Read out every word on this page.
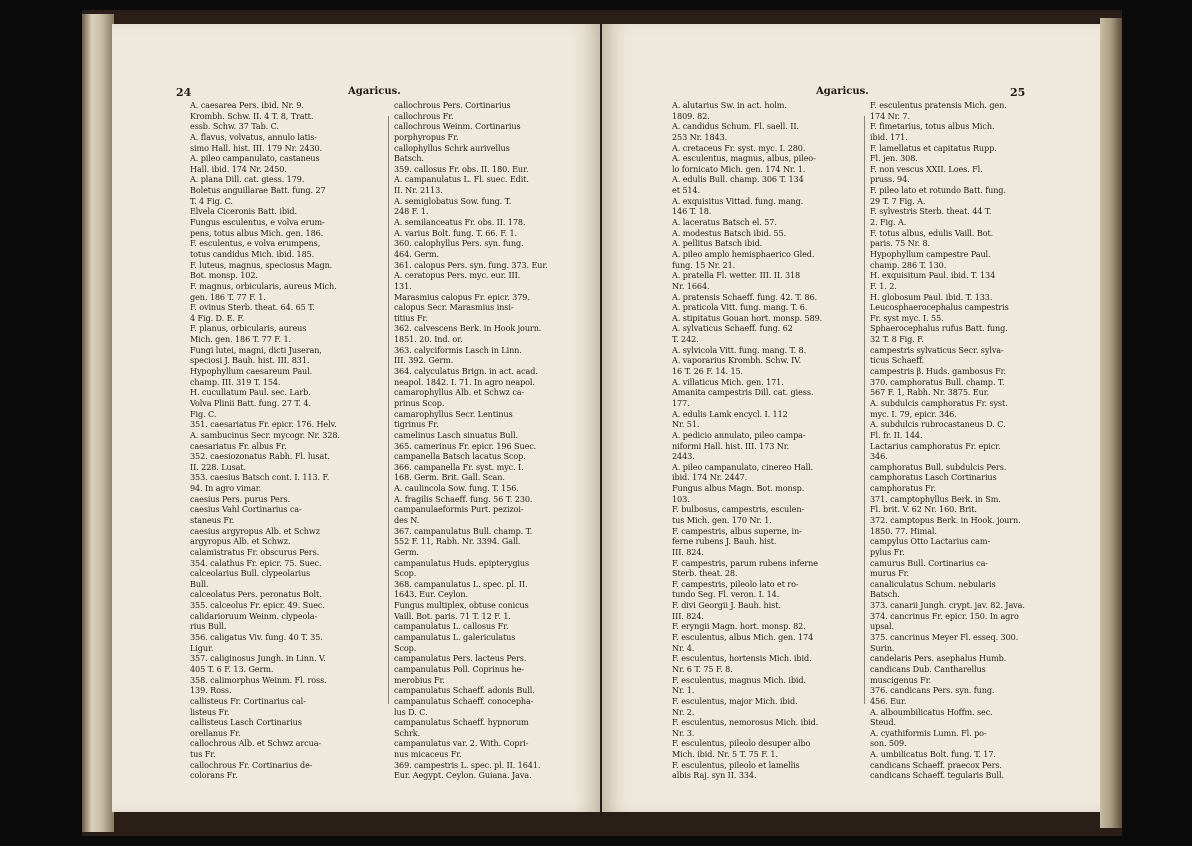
24	Agaricus.
A. caesarea Pers. ibid. Nr. 9.
Krombh. Schw. II. 4 T. 8, Tratt.
essb. Schw. 37 Tab. C.
A. flavus, volvatus, annulo latis-
simo Hall. hist. III. 179 Nr. 2430.
A. pileo campanulato, castaneus
Hall. ibid. 174 Nr. 2450.
A. plana Dill. cat. giess. 179.
Boletus anguillarae Batt. fung. 27
T. 4 Fig. C.
Elvela Ciceronis Batt. ibid.
Fungus esculentus, e volva erum-
pens, totus albus Mich. gen. 186.
F. esculentus, e volva erumpens,
totus candidus Mich. ibid. 185.
F. luteus, magnus, speciosus Magn.
Bot. monsp. 102.
F. magnus, orbicularis, aureus Mich.
gen. 186 T. 77 F. 1.
F. ovinus Sterb. theat. 64. 65 T.
4 Fig. D. E. F.
F. planus, orbicularis, aureus
Mich. gen. 186 T. 77 F. 1.
Fungi lutei, magni, dicti Juseran,
speciosi J. Bauh. hist. III. 831.
Hypophyllum caesareum Paul.
champ. III. 319 T. 154.
H. cucullatum Paul. sec. Larb.
Volva Plinii Batt. fung. 27 T. 4.
Fig. C.
351. caesariatus Fr. epicr. 176. Helv.
A. sambucinus Secr. mycogr. Nr. 328.
caesariatus Fr. albus Fr.
352. caesiozonatus Rabh. Fl. lusat.
II. 228. Lusat.
353. caesius Batsch cont. I. 113. F.
94. In agro vimar.
caesius Pers. purus Pers.
caesius Vahl Cortinarius ca-
staneus Fr.
caesius argyropus Alb. et Schwz
argyropus Alb. et Schwz.
calamistratus Fr. obscurus Pers.
354. calathus Fr. epicr. 75. Suec.
calceolarius Bull. clypeolarius
Bull.
calceolatus Pers. peronatus Bolt.
355. calceolus Fr. epicr. 49. Suec.
calidarioruum Weinm. clypeola-
rius Bull.
356. caligatus Viv. fung. 40 T. 35.
Ligur.
357. caliginosus Jungh. in Linn. V.
405 T. 6 F. 13. Germ.
358. calimorphus Weinm. Fl. ross.
139. Ross.
callisteus Fr. Cortinarius cal-
listeus Fr.
callisteus Lasch Cortinarius
orellanus Fr.
callochrous Alb. et Schwz arcua-
tus Fr.
callochrous Fr. Cortinarius de-
colorans Fr.
callochrous Pers. Cortinarius
callochrous Fr.
callochrous Weinm. Cortinarius
porphyropus Fr.
callophyllus Schrk aurivellus
Batsch.
359. callosus Fr. obs. II. 180. Eur.
A. campanulatus L. Fl. suec. Edit.
II. Nr. 2113.
A. semiglobatus Sow. fung. T.
248 F. 1.
A. semilanceatus Fr. obs. II. 178.
A. varius Bolt. fung. T. 66. F. 1.
360. calophyllus Pers. syn. fung.
464. Germ.
361. calopus Pers. syn. fung. 373. Eur.
A. ceratopus Pers. myc. eur. III.
131.
Marasmius calopus Fr. epicr. 379.
calopus Secr. Marasmius insi-
titius Fr.
362. calvescens Berk. in Hook journ.
1851. 20. Ind. or.
363. calyciformis Lasch in Linn.
III. 392. Germ.
364. calyculatus Brign. in act. acad.
neapol. 1842. I. 71. In agro neapol.
camarophyllus Alb. et Schwz ca-
prinus Scop.
camarophyllus Secr. Lentinus
tigrinus Fr.
camelinus Lasch sinuatus Bull.
365. camerinus Fr. epicr. 196 Suec.
campanella Batsch lacatus Scop.
366. campanella Fr. syst. myc. I.
168. Germ. Brit. Gall. Scan.
A. caulincola Sow. fung. T. 156.
A. fragilis Schaeff. fung. 56 T. 230.
campanulaeformis Purt. pezizoi-
des N.
367. campanulatus Bull. champ. T.
552 F. 11, Rabh. Nr. 3394. Gall.
Germ.
campanulatus Huds. epipterygius
Scop.
368. campanulatus L. spec. pl. II.
1643. Eur. Ceylon.
Fungus multiplex, obtuse conicus
Vaill. Bot. paris. 71 T. 12 F. 1.
campanulatus L. callosus Fr.
campanulatus L. galericulatus
Scop.
campanulatus Pers. lacteus Pers.
campanulatus Poll. Coprinus he-
merobius Fr.
campanulatus Schaeff. adonis Bull.
campanulatus Schaeff. conocepha-
lus D. C.
campanulatus Schaeff. hypnorum
Schrk.
campanulatus var. 2. With. Copri-
nus micaceus Fr.
369. campestris L. spec. pl. II. 1641.
Eur. Aegypt. Ceylon. Guiana. Java.
Agaricus.	25
A. alutarius Sw. in act. holm.
1809. 82.
A. candidus Schum. Fl. saell. II.
253 Nr. 1843.
A. cretaceus Fr. syst. myc. I. 280.
A. esculentus, magnus, albus, pileo-
lo fornicato Mich. gen. 174 Nr. 1.
A. edulis Bull. champ. 306 T. 134
et 514.
A. exquisitus Vittad. fung. mang.
146 T. 18.
A. laceratus Batsch el. 57.
A. modestus Batsch ibid. 55.
A. pellitus Batsch ibid.
A. pileo amplo hemisphaerico Gled.
fung. 15 Nr. 21.
A. pratella Fl. wetter. III. II. 318
Nr. 1664.
A. pratensis Schaeff. fung. 42. T. 86.
A. praticola Vitt. fung. mang. T. 6.
A. stipitatus Gouan hort. monsp. 589.
A. sylvaticus Schaeff. fung. 62
T. 242.
A. sylvicola Vitt. fung. mang. T. 8.
A. vaporarius Krombh. Schw. IV.
16 T. 26 F. 14. 15.
A. villaticus Mich. gen. 171.
Amanita campestris Dill. cat. giess.
177.
A. edulis Lamk encycl. I. 112
Nr. 51.
A. pedicio annulato, pileo campa-
niformi Hall. hist. III. 173 Nr.
2443.
A. pileo campanulato, cinereo Hall.
ibid. 174 Nr. 2447.
Fungus albus Magn. Bot. monsp.
103.
F. bulbosus, campestris, esculen-
tus Mich. gen. 170 Nr. 1.
F. campestris, albus superne, in-
ferne rubens J. Bauh. hist.
III. 824.
F. campestris, parum rubens inferne
Sterb. theat. 28.
F. campestris, pileolo lato et ro-
tundo Seg. Fl. veron. I. 14.
F. divi Georgii J. Bauh. hist.
III. 824.
F. eryngii Magn. hort. monsp. 82.
F. esculentus, albus Mich. gen. 174
Nr. 4.
F. esculentus, hortensis Mich. ibid.
Nr. 6 T. 75 F. 8.
F. esculentus, magnus Mich. ibid.
Nr. 1.
F. esculentus, major Mich. ibid.
Nr. 2.
F. esculentus, nemorosus Mich. ibid.
Nr. 3.
F. esculentus, pileolo desuper albo
Mich. ibid. Nr. 5 T. 75 F. 1.
F. esculentus, pileolo et lamellis
albis Raj. syn II. 334.
F. esculentus pratensis Mich. gen.
174 Nr. 7.
F. fimetarius, totus albus Mich.
ibid. 171.
F. lamellatus et capitatus Rupp.
Fl. jen. 308.
F. non vescus XXII. Loes. Fl.
pruss. 94.
F. pileo lato et rotundo Batt. fung.
29 T. 7 Fig. A.
F. sylvestris Sterb. theat. 44 T.
2. Fig. A.
F. totus albus, edulis Vaill. Bot.
paris. 75 Nr. 8.
Hypophyllum campestre Paul.
champ. 286 T. 130.
H. exquisitum Paul. ibid. T. 134
F. 1. 2.
H. globosum Paul. ibid. T. 133.
Leucosphaerocephalus campestris
Fr. syst myc. I. 55.
Sphaerocephalus rufus Batt. fung.
32 T. 8 Fig. F.
campestris sylvaticus Secr. sylva-
ticus Schaeff.
campestris β. Huds. gambosus Fr.
370. camphoratus Bull. champ. T.
567 F. 1, Rabh. Nr. 3875. Eur.
A. subdulcis camphoratus Fr. syst.
myc. I. 79, epicr. 346.
A. subdulcis rubrocastaneus D. C.
Fl. fr. II. 144.
Lactarius camphoratus Fr. epicr.
346.
camphoratus Bull. subdulcis Pers.
camphoratus Lasch Cortinarius
camphoratus Fr.
371. camptophyllus Berk. in Sm.
Fl. brit. V. 62 Nr. 160. Brit.
372. camptopus Berk. in Hook. journ.
1850. 77. Himal.
campylus Otto Lactarius cam-
pylus Fr.
camurus Bull. Cortinarius ca-
murus Fr.
canaliculatus Schum. nebularis
Batsch.
373. canarii Jungh. crypt. jav. 82. Java.
374. cancrinus Fr. epicr. 150. In agro
upsal.
375. cancrinus Meyer Fl. esseq. 300.
Surin.
candelaris Pers. asephalus Humb.
candicans Dub. Cantharellus
muscigenus Fr.
376. candicans Pers. syn. fung.
456. Eur.
A. alboumbilicatus Hoffm. sec.
Steud.
A. cyathiformis Lumn. Fl. po-
son. 509.
A. umbilicatus Bolt. fung. T. 17.
candicans Schaeff. praecox Pers.
candicans Schaeff. tegularis Bull.
